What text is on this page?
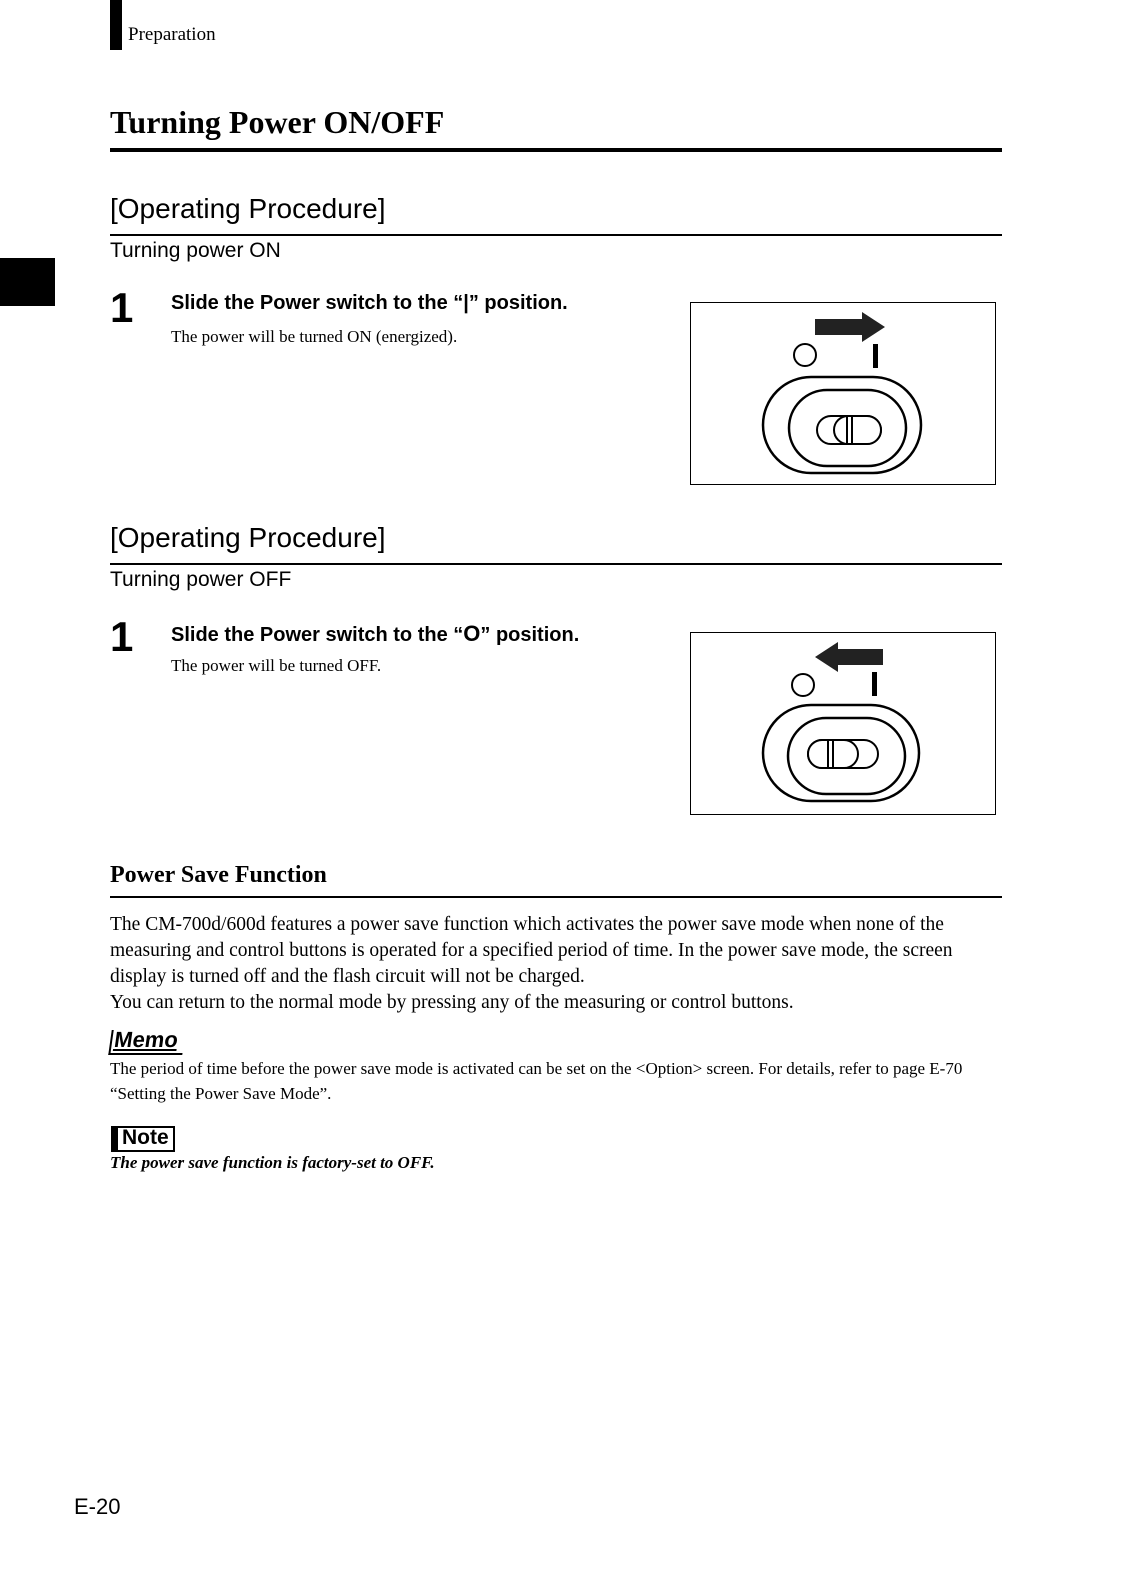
Preparation
Turning Power ON/OFF
[Operating Procedure]
Turning power ON
1 Slide the Power switch to the “|” position.
The power will be turned ON (energized).
[Operating Procedure]
Turning power OFF
1 Slide the Power switch to the “O” position.
The power will be turned OFF.
Power Save Function
The CM-700d/600d features a power save function which activates the power save mode when none of the measuring and control buttons is operated for a specified period of time. In the power save mode, the screen display is turned off and the flash circuit will not be charged.
You can return to the normal mode by pressing any of the measuring or control buttons.
Memo
The period of time before the power save mode is activated can be set on the <Option> screen. For details, refer to page E-70 “Setting the Power Save Mode”.
Note
The power save function is factory-set to OFF.
E-20
